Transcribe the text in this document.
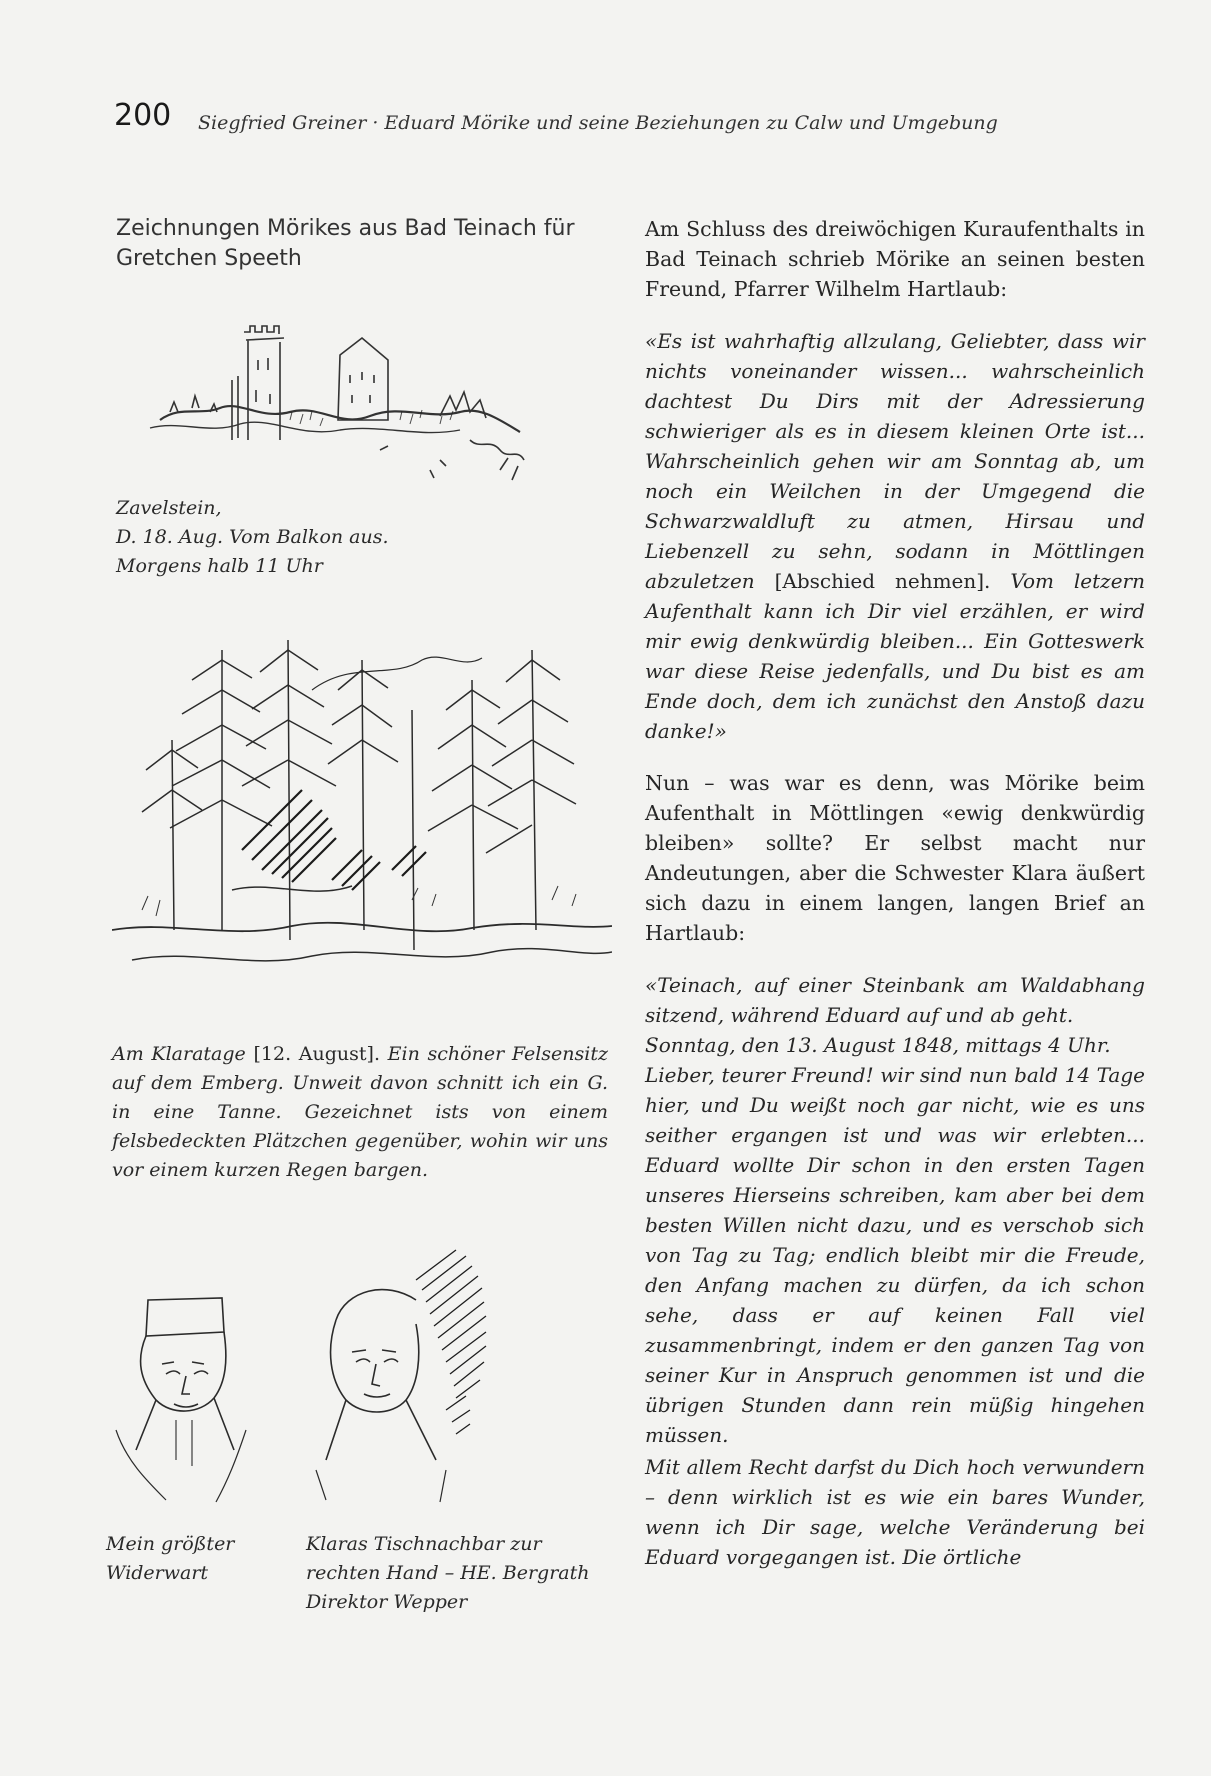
200 Siegfried Greiner · Eduard Mörike und seine Beziehungen zu Calw und Umgebung
Zeichnungen Mörikes aus Bad Teinach für Gretchen Speeth
Zavelstein,
D. 18. Aug. Vom Balkon aus.
Morgens halb 11 Uhr
Am Klaratage [12. August]. Ein schöner Felsensitz auf dem Emberg. Unweit davon schnitt ich ein G. in eine Tanne. Gezeichnet ists von einem felsbedeckten Plätzchen gegenüber, wohin wir uns vor einem kurzen Regen bargen.
Mein größter Widerwart
Klaras Tischnachbar zur rechten Hand – HE. Bergrath Direktor Wepper

Am Schluss des dreiwöchigen Kuraufenthalts in Bad Teinach schrieb Mörike an seinen besten Freund, Pfarrer Wilhelm Hartlaub:

«Es ist wahrhaftig allzulang, Geliebter, dass wir nichts voneinander wissen... wahrscheinlich dachtest Du Dirs mit der Adressierung schwieriger als es in diesem kleinen Orte ist... Wahrscheinlich gehen wir am Sonntag ab, um noch ein Weilchen in der Umgegend die Schwarzwaldluft zu atmen, Hirsau und Liebenzell zu sehn, sodann in Möttlingen abzuletzen [Abschied nehmen]. Vom letzern Aufenthalt kann ich Dir viel erzählen, er wird mir ewig denkwürdig bleiben... Ein Gotteswerk war diese Reise jedenfalls, und Du bist es am Ende doch, dem ich zunächst den Anstoß dazu danke!»

Nun – was war es denn, was Mörike beim Aufenthalt in Möttlingen «ewig denkwürdig bleiben» sollte? Er selbst macht nur Andeutungen, aber die Schwester Klara äußert sich dazu in einem langen, langen Brief an Hartlaub:

«Teinach, auf einer Steinbank am Waldabhang sitzend, während Eduard auf und ab geht.
Sonntag, den 13. August 1848, mittags 4 Uhr.
Lieber, teurer Freund! wir sind nun bald 14 Tage hier, und Du weißt noch gar nicht, wie es uns seither ergangen ist und was wir erlebten... Eduard wollte Dir schon in den ersten Tagen unseres Hierseins schreiben, kam aber bei dem besten Willen nicht dazu, und es verschob sich von Tag zu Tag; endlich bleibt mir die Freude, den Anfang machen zu dürfen, da ich schon sehe, dass er auf keinen Fall viel zusammenbringt, indem er den ganzen Tag von seiner Kur in Anspruch genommen ist und die übrigen Stunden dann rein müßig hingehen müssen.

Mit allem Recht darfst du Dich hoch verwundern – denn wirklich ist es wie ein bares Wunder, wenn ich Dir sage, welche Veränderung bei Eduard vorgegangen ist. Die örtliche
